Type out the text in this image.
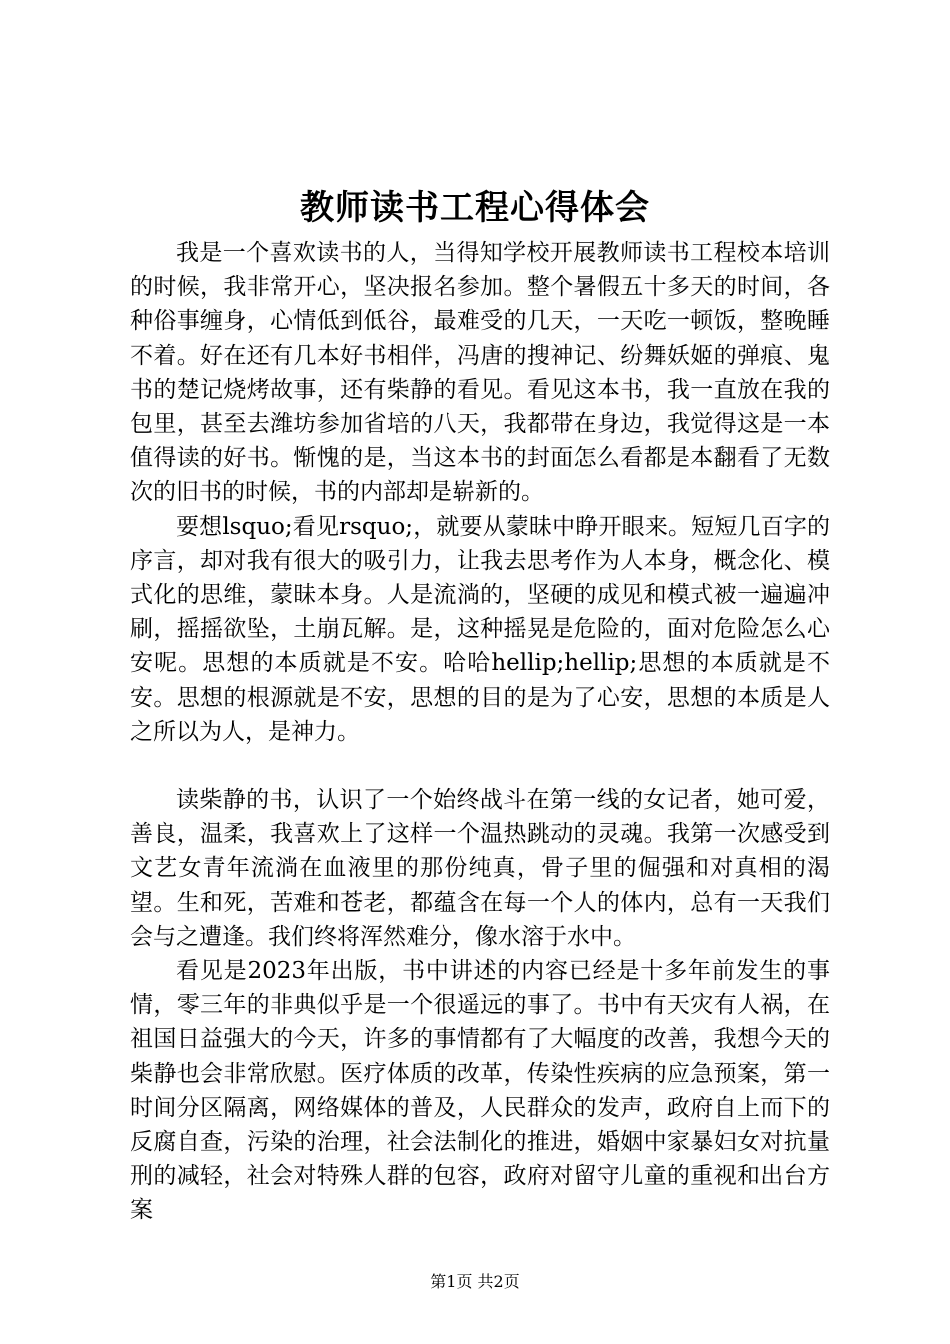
教师读书工程心得体会

我是一个喜欢读书的人，当得知学校开展教师读书工程校本培训的时候，我非常开心，坚决报名参加。整个暑假五十多天的时间，各种俗事缠身，心情低到低谷，最难受的几天，一天吃一顿饭，整晚睡不着。好在还有几本好书相伴，冯唐的搜神记、纷舞妖姬的弹痕、鬼书的楚记烧烤故事，还有柴静的看见。看见这本书，我一直放在我的包里，甚至去潍坊参加省培的八天，我都带在身边，我觉得这是一本值得读的好书。惭愧的是，当这本书的封面怎么看都是本翻看了无数次的旧书的时候，书的内部却是崭新的。

要想lsquo;看见rsquo;，就要从蒙昧中睁开眼来。短短几百字的序言，却对我有很大的吸引力，让我去思考作为人本身，概念化、模式化的思维，蒙昧本身。人是流淌的，坚硬的成见和模式被一遍遍冲刷，摇摇欲坠，土崩瓦解。是，这种摇晃是危险的，面对危险怎么心安呢。思想的本质就是不安。哈哈hellip;hellip;思想的本质就是不安。思想的根源就是不安，思想的目的是为了心安，思想的本质是人之所以为人，是神力。

读柴静的书，认识了一个始终战斗在第一线的女记者，她可爱，善良，温柔，我喜欢上了这样一个温热跳动的灵魂。我第一次感受到文艺女青年流淌在血液里的那份纯真，骨子里的倔强和对真相的渴望。生和死，苦难和苍老，都蕴含在每一个人的体内，总有一天我们会与之遭逢。我们终将浑然难分，像水溶于水中。

看见是2023年出版，书中讲述的内容已经是十多年前发生的事情，零三年的非典似乎是一个很遥远的事了。书中有天灾有人祸，在祖国日益强大的今天，许多的事情都有了大幅度的改善，我想今天的柴静也会非常欣慰。医疗体质的改革，传染性疾病的应急预案，第一时间分区隔离，网络媒体的普及，人民群众的发声，政府自上而下的反腐自查，污染的治理，社会法制化的推进，婚姻中家暴妇女对抗量刑的减轻，社会对特殊人群的包容，政府对留守儿童的重视和出台方案

第1页 共2页
